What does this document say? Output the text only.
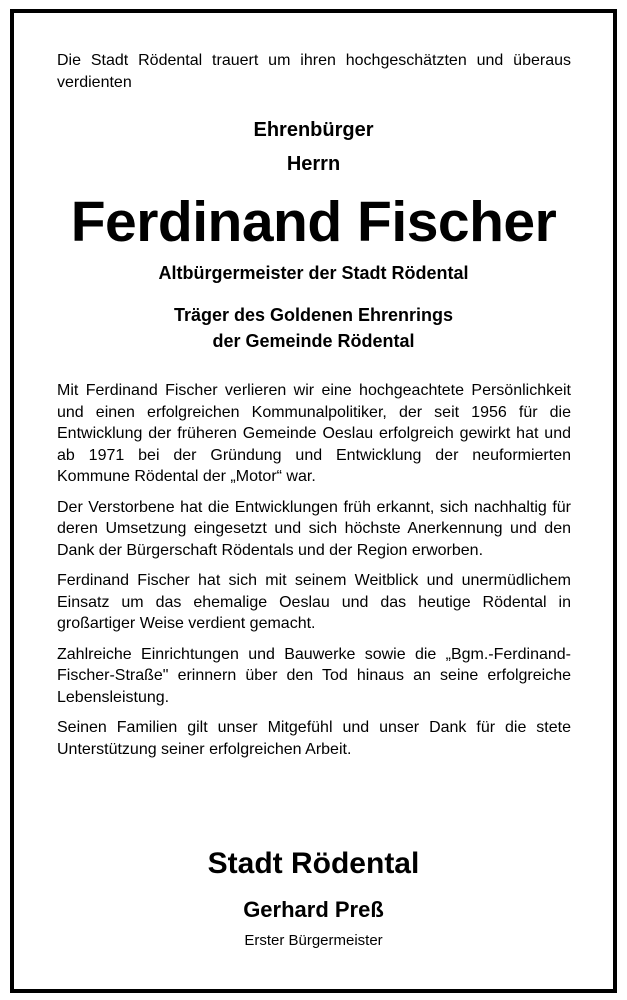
Die Stadt Rödental trauert um ihren hochgeschätzten und überaus verdienten
Ehrenbürger
Herrn
Ferdinand Fischer
Altbürgermeister der Stadt Rödental
Träger des Goldenen Ehrenrings
der Gemeinde Rödental

Mit Ferdinand Fischer verlieren wir eine hochgeachtete Persönlichkeit und einen erfolgreichen Kommunalpolitiker, der seit 1956 für die Entwicklung der früheren Gemeinde Oeslau erfolgreich gewirkt hat und ab 1971 bei der Gründung und Entwicklung der neuformierten Kommune Rödental der „Motor“ war.

Der Verstorbene hat die Entwicklungen früh erkannt, sich nachhaltig für deren Umsetzung eingesetzt und sich höchste Anerkennung und den Dank der Bürgerschaft Rödentals und der Region erworben.

Ferdinand Fischer hat sich mit seinem Weitblick und unermüdlichem Einsatz um das ehemalige Oeslau und das heutige Rödental in großartiger Weise verdient gemacht.

Zahlreiche Einrichtungen und Bauwerke sowie die „Bgm.-Ferdinand-Fischer-Straße" erinnern über den Tod hinaus an seine erfolgreiche Lebensleistung.

Seinen Familien gilt unser Mitgefühl und unser Dank für die stete Unterstützung seiner erfolgreichen Arbeit.

Stadt Rödental
Gerhard Preß
Erster Bürgermeister
